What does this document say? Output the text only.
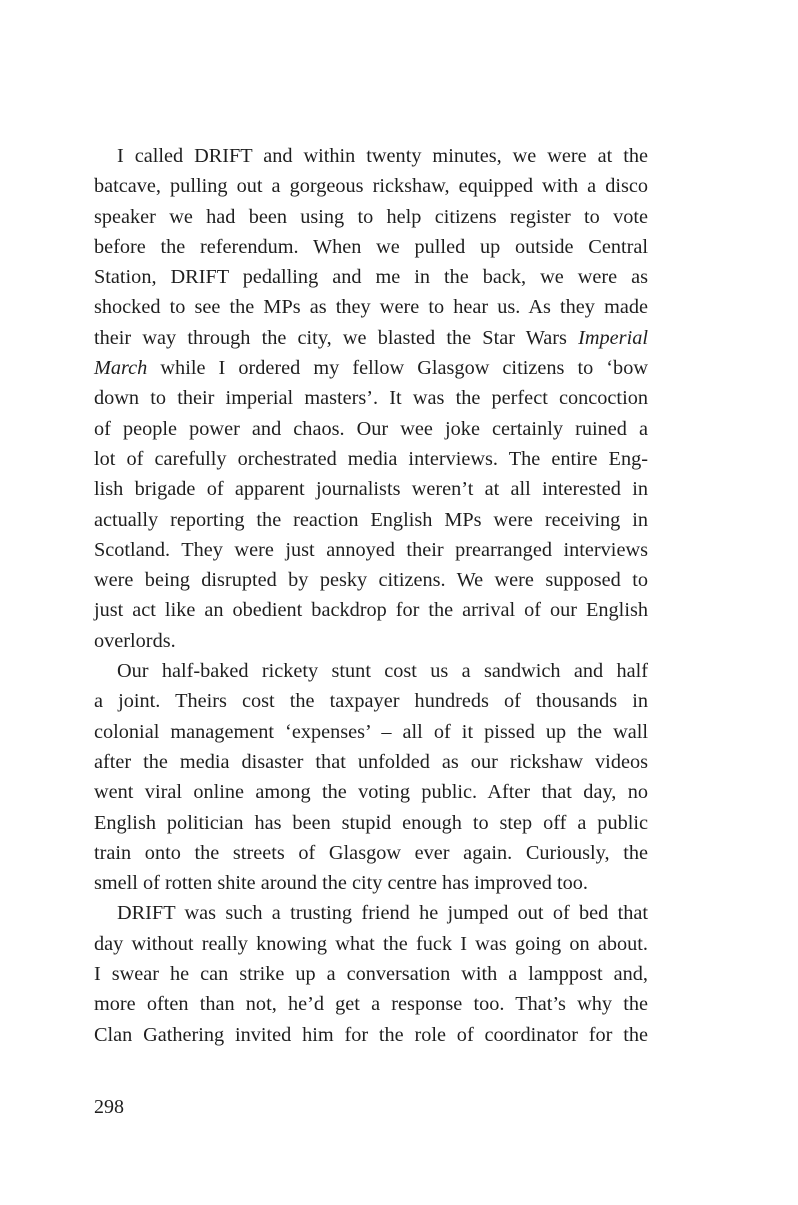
I called DRIFT and within twenty minutes, we were at the
batcave, pulling out a gorgeous rickshaw, equipped with a disco
speaker we had been using to help citizens register to vote
before the referendum. When we pulled up outside Central
Station, DRIFT pedalling and me in the back, we were as
shocked to see the MPs as they were to hear us. As they made
their way through the city, we blasted the Star Wars Imperial
March while I ordered my fellow Glasgow citizens to ‘bow
down to their imperial masters’. It was the perfect concoction
of people power and chaos. Our wee joke certainly ruined a
lot of carefully orchestrated media interviews. The entire Eng-
lish brigade of apparent journalists weren’t at all interested in
actually reporting the reaction English MPs were receiving in
Scotland. They were just annoyed their prearranged interviews
were being disrupted by pesky citizens. We were supposed to
just act like an obedient backdrop for the arrival of our English
overlords.
Our half-baked rickety stunt cost us a sandwich and half
a joint. Theirs cost the taxpayer hundreds of thousands in
colonial management ‘expenses’ – all of it pissed up the wall
after the media disaster that unfolded as our rickshaw videos
went viral online among the voting public. After that day, no
English politician has been stupid enough to step off a public
train onto the streets of Glasgow ever again. Curiously, the
smell of rotten shite around the city centre has improved too.
DRIFT was such a trusting friend he jumped out of bed that
day without really knowing what the fuck I was going on about.
I swear he can strike up a conversation with a lamppost and,
more often than not, he’d get a response too. That’s why the
Clan Gathering invited him for the role of coordinator for the
298
